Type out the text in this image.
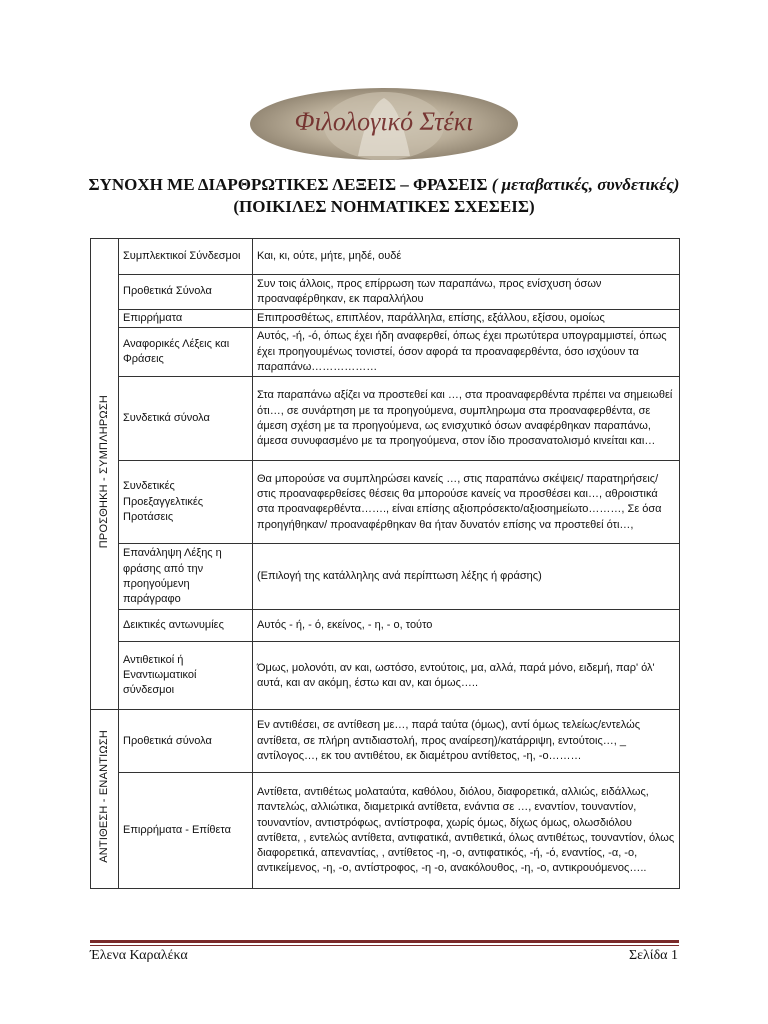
Φιλολογικό Στέκι
ΣΥΝΟΧΗ ΜΕ ΔΙΑΡΘΡΩΤΙΚΕΣ ΛΕΞΕΙΣ – ΦΡΑΣΕΙΣ ( μεταβατικές, συνδετικές)
(ΠΟΙΚΙΛΕΣ ΝΟΗΜΑΤΙΚΕΣ ΣΧΕΣΕΙΣ)
ΠΡΟΣΘΗΚΗ - ΣΥΜΠΛΗΡΩΣΗ	Συμπλεκτικοί Σύνδεσμοι	Και, κι, ούτε, μήτε, μηδέ, ουδέ
	Προθετικά Σύνολα	Συν τοις άλλοις, προς επίρρωση των παραπάνω, προς ενίσχυση όσων προαναφέρθηκαν, εκ παραλλήλου
	Επιρρήματα	Επιπροσθέτως, επιπλέον, παράλληλα, επίσης, εξάλλου, εξίσου, ομοίως
	Αναφορικές Λέξεις και Φράσεις	Αυτός, -ή, -ό, όπως έχει ήδη αναφερθεί, όπως έχει πρωτύτερα υπογραμμιστεί, όπως έχει προηγουμένως τονιστεί, όσον αφορά τα προαναφερθέντα, όσο ισχύουν τα παραπάνω………………
	Συνδετικά σύνολα	Στα παραπάνω αξίζει να προστεθεί και …, στα προαναφερθέντα πρέπει να σημειωθεί ότι…, σε συνάρτηση με τα προηγούμενα, συμπληρωμα στα προαναφερθέντα, σε άμεση σχέση με τα προηγούμενα, ως ενισχυτικό όσων αναφέρθηκαν παραπάνω, άμεσα συνυφασμένο με τα προηγούμενα, στον ίδιο προσανατολισμό κινείται και…
	Συνδετικές Προεξαγγελτικές Προτάσεις	Θα μπορούσε να συμπληρώσει κανείς …, στις παραπάνω σκέψεις/ παρατηρήσεις/ στις προαναφερθείσες θέσεις θα μπορούσε κανείς να προσθέσει και…, αθροιστικά στα προαναφερθέντα……., είναι επίσης αξιοπρόσεκτο/αξιοσημείωτο………, Σε όσα προηγήθηκαν/ προαναφέρθηκαν θα ήταν δυνατόν επίσης να προστεθεί ότι…,
	Επανάληψη Λέξης η φράσης από την προηγούμενη παράγραφο	(Επιλογή της κατάλληλης ανά περίπτωση λέξης ή φράσης)
	Δεικτικές αντωνυμίες	Αυτός - ή, - ό, εκείνος, - η, - ο, τούτο
	Αντιθετικοί ή Εναντιωματικοί σύνδεσμοι	Όμως, μολονότι, αν και, ωστόσο, εντούτοις, μα, αλλά, παρά μόνο, ειδεμή, παρ' όλ' αυτά, και αν ακόμη, έστω και αν, και όμως…..
ΑΝΤΙΘΕΣΗ - ΕΝΑΝΤΙΩΣΗ	Προθετικά σύνολα	Εν αντιθέσει, σε αντίθεση με…, παρά ταύτα (όμως), αντί όμως τελείως/εντελώς αντίθετα, σε πλήρη αντιδιαστολή, προς αναίρεση)/κατάρριψη, εντούτοις…, _ αντίλογος…, εκ του αντιθέτου, εκ διαμέτρου αντίθετος, -η, -ο………
	Επιρρήματα - Επίθετα	Αντίθετα, αντιθέτως μολαταύτα, καθόλου, διόλου, διαφορετικά, αλλιώς, ειδάλλως, παντελώς, αλλιώτικα, διαμετρικά αντίθετα, ενάντια σε …, εναντίον, τουναντίον, τουναντίον, αντιστρόφως, αντίστροφα, χωρίς όμως, δίχως όμως, ολωσδιόλου αντίθετα, , εντελώς αντίθετα, αντιφατικά, αντιθετικά, όλως αντιθέτως, τουναντίον, όλως διαφορετικά, απεναντίας, , αντίθετος -η, -ο, αντιφατικός, -ή, -ό, εναντίος, -α, -ο, αντικείμενος, -η, -ο, αντίστροφος, -η -ο, ανακόλουθος, -η, -ο, αντικρουόμενος…..
Έλενα Καραλέκα	Σελίδα 1
